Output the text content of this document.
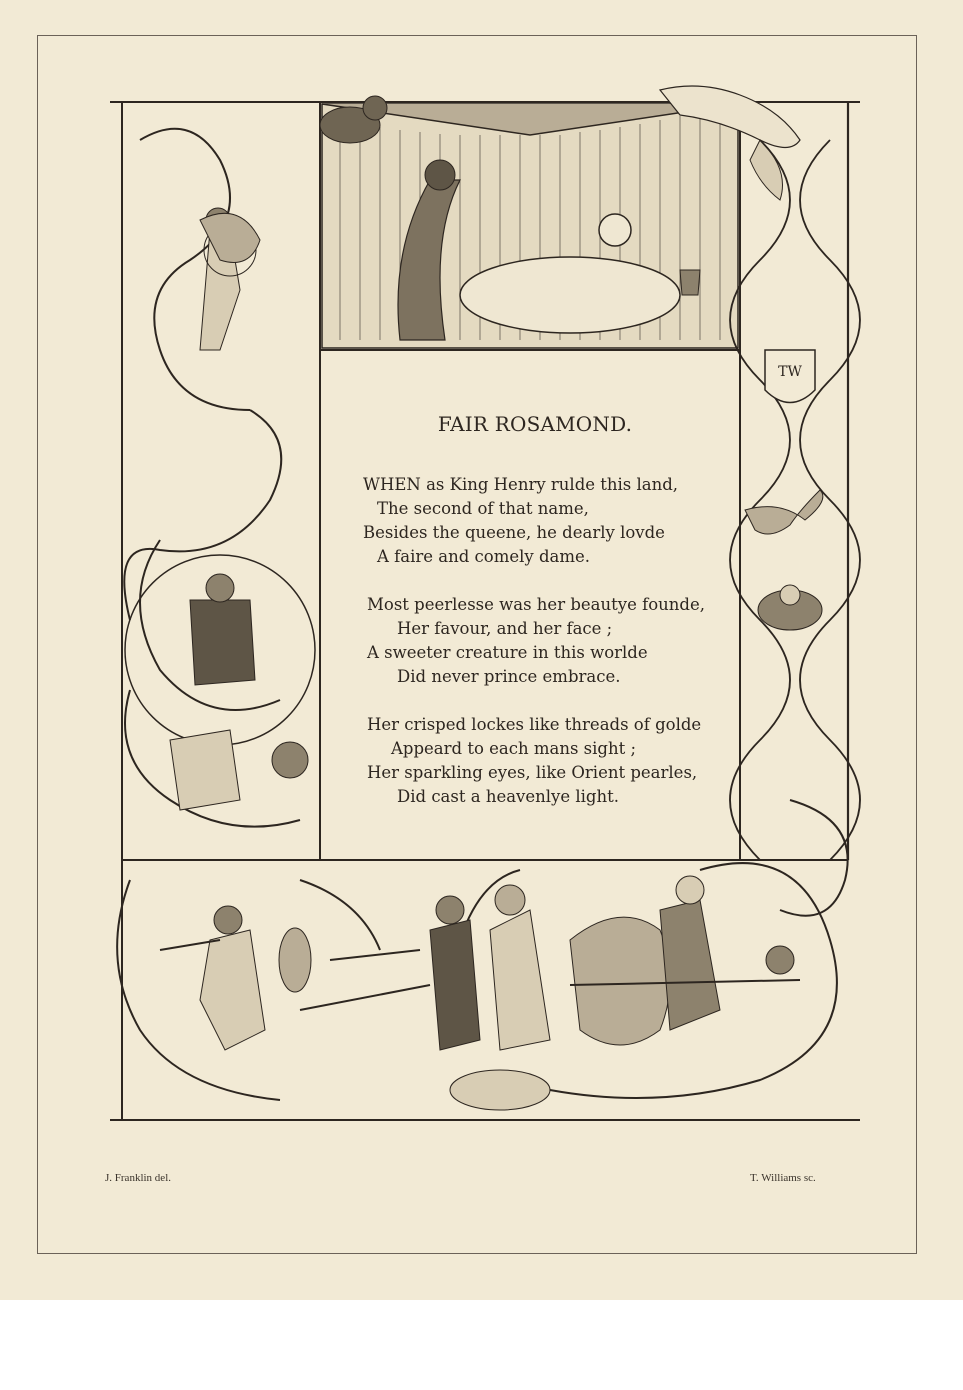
TW
FAIR ROSAMOND.
WHEN as King Henry rulde this land,
The second of that name,
Besides the queene, he dearly lovde
A faire and comely dame.
Most peerlesse was her beautye founde,
Her favour, and her face ;
A sweeter creature in this worlde
Did never prince embrace.
Her crisped lockes like threads of golde
Appeard to each mans sight ;
Her sparkling eyes, like Orient pearles,
Did cast a heavenlye light.
J. Franklin del.	T. Williams sc.
